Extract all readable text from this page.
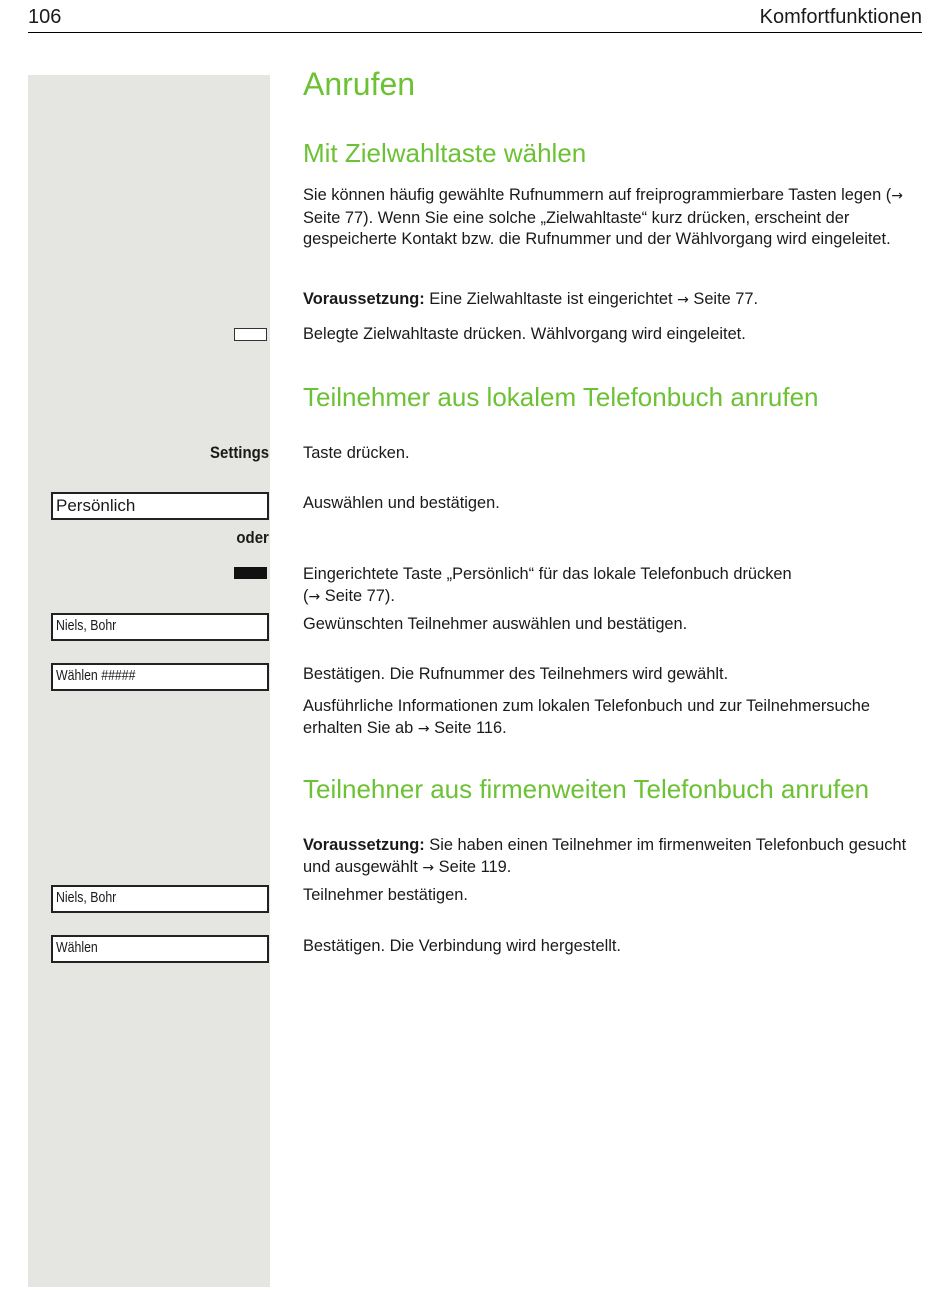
106	Komfortfunktionen
Anrufen
Mit Zielwahltaste wählen
Sie können häufig gewählte Rufnummern auf freiprogrammierbare Tasten legen (→ Seite 77). Wenn Sie eine solche „Zielwahltaste“ kurz drücken, erscheint der gespeicherte Kontakt bzw. die Rufnummer und der Wählvorgang wird eingeleitet.
Voraussetzung: Eine Zielwahltaste ist eingerichtet → Seite 77.
Belegte Zielwahltaste drücken. Wählvorgang wird eingeleitet.
Teilnehmer aus lokalem Telefonbuch anrufen
Settings Taste drücken.
Persönlich	Auswählen und bestätigen.
oder
Eingerichtete Taste „Persönlich“ für das lokale Telefonbuch drücken
(→ Seite 77).
Niels, Bohr	Gewünschten Teilnehmer auswählen und bestätigen.
Wählen #####	Bestätigen. Die Rufnummer des Teilnehmers wird gewählt.
Ausführliche Informationen zum lokalen Telefonbuch und zur Teilnehmersuche erhalten Sie ab → Seite 116.
Teilnehner aus firmenweiten Telefonbuch anrufen
Voraussetzung: Sie haben einen Teilnehmer im firmenweiten Telefonbuch gesucht und ausgewählt → Seite 119.
Niels, Bohr	Teilnehmer bestätigen.
Wählen	Bestätigen. Die Verbindung wird hergestellt.
